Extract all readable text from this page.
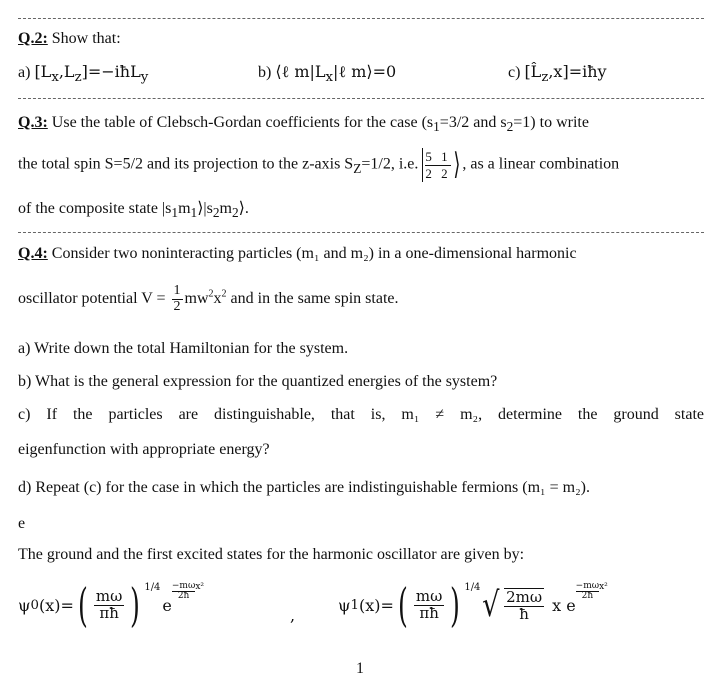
Q.2: Show that:
a) $[L_x,L_z]=-iħL_y$	b) ⟨ℓ $m|L_x|\ell$ m⟩=0	c) $[L̂_z,x]=iħy$
Q.3: Use the table of Clebsch-Gordan coefficients for the case ($s_1=3/2$ and $s_2=1$) to write
the total spin S=5/2 and its projection to the z-axis $S_Z=1/2$, i.e. 5 1
2 2 ⟩ , as a linear combination
of the composite state $|s_1m_1⟩|s_2m_2⟩$.
Q.4: Consider two noninteracting particles (m₁ and m₂) in a one-dimensional harmonic
oscillator potential $V = \frac{1}{2} mw^2x^2$ and in the same spin state.
a) Write down the total Hamiltonian for the system.
b) What is the general expression for the quantized energies of the system?
c) If the particles are distinguishable, that is, m₁ ≠ m₂, determine the ground state
eigenfunction with appropriate energy?
d) Repeat (c) for the case in which the particles are indistinguishable fermions (m₁ = m₂).
e
The ground and the first excited states for the harmonic oscillator are given by:
ψ 0 (x)= ( $\frac{m\omega}{\pi ħ}$ ) 1/4
e
$\frac{-m\omega}{2ħ} x^2$
,
ψ 1 (x)= ( $\frac{m\omega}{\pi ħ}$ ) 1/4 √ $\frac{2m\omega}{ħ}$ x e
$\frac{-m\omega}{2ħ} x^2$
1
